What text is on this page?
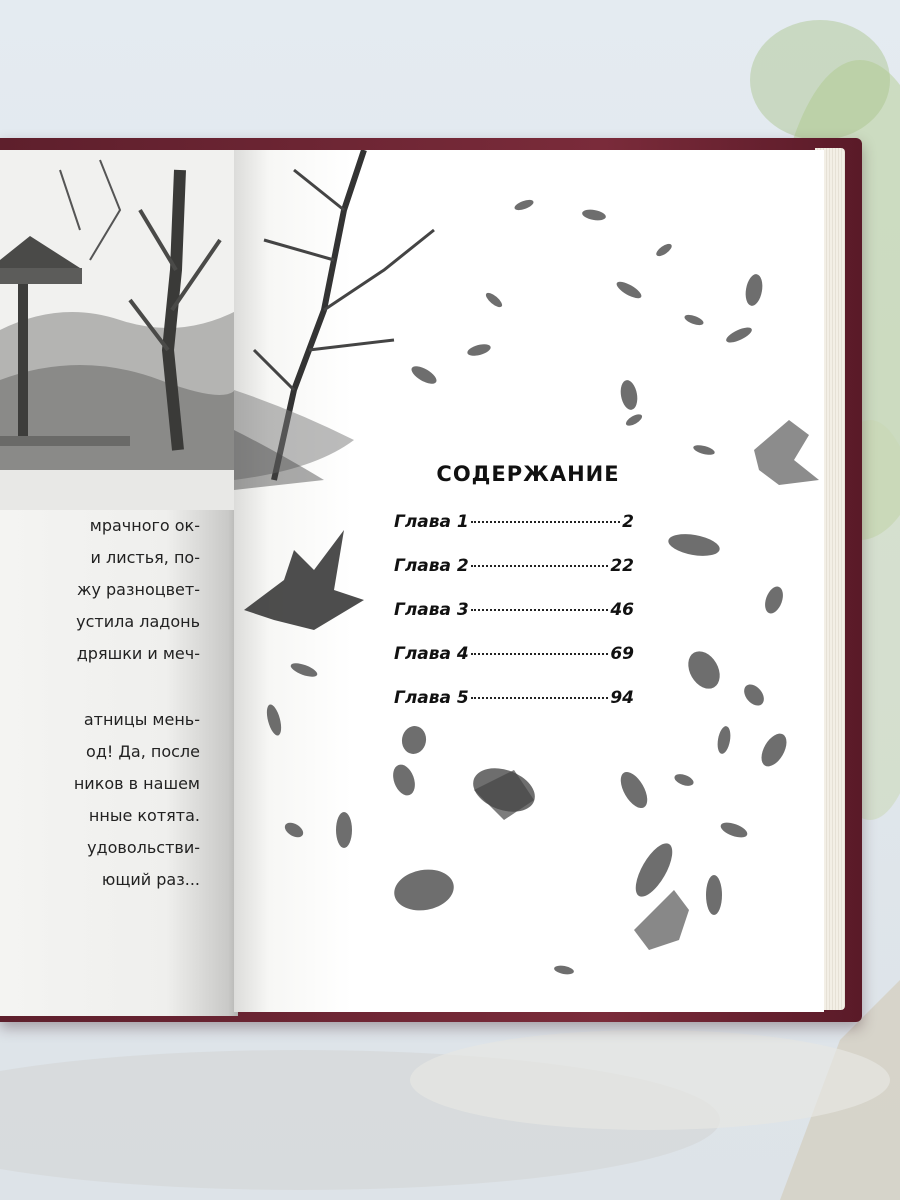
мрачного ок-
и листья, по-
жу разноцвет-
устила ладонь
дряшки и меч-
атницы мень-
од! Да, после
ников в нашем
нные котята.
удовольстви-
ющий раз...
СОДЕРЖАНИЕ
Глава 1	2
Глава 2	22
Глава 3	46
Глава 4	69
Глава 5	94
